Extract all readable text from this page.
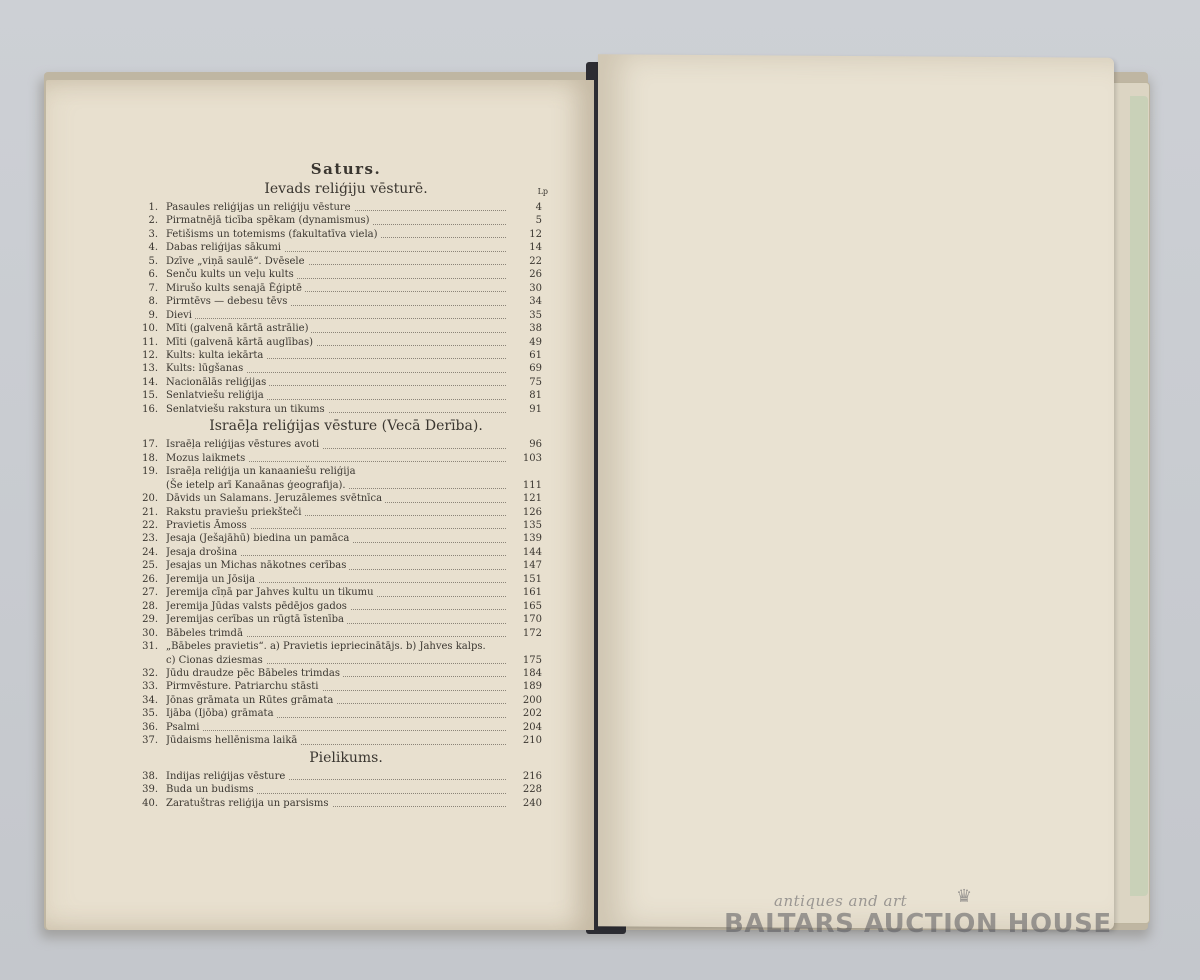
Saturs.
Ievads reliģiju vēsturē.	Lp
1. Pasaules reliģijas un reliģiju vēsture	4
2. Pirmatnējā ticība spēkam (dynamismus)	5
3. Fetišisms un totemisms (fakultatīva viela)	12
4. Dabas reliģijas sākumi	14
5. Dzīve „viņā saulē“. Dvēsele	22
6. Senču kults un veļu kults	26
7. Mirušo kults senajā Ēģiptē	30
8. Pirmtēvs — debesu tēvs	34
9. Dievi	35
10. Mīti (galvenā kārtā astrālie)	38
11. Mīti (galvenā kārtā auglības)	49
12. Kults: kulta iekārta	61
13. Kults: lūgšanas	69
14. Nacionālās reliģijas	75
15. Senlatviešu reliģija	81
16. Senlatviešu rakstura un tikums	91
Israēļa reliģijas vēsture (Vecā Derība).
17. Israēļa reliģijas vēstures avoti	96
18. Mozus laikmets	103
19. Israēļa reliģija un kanaaniešu reliģija
(Še ietelp arī Kanaānas ģeografija).	111
20. Dāvids un Salamans. Jeruzālemes svētnīca	121
21. Rakstu praviešu priekšteči	126
22. Pravietis Āmoss	135
23. Jesaja (Ješajāhū) biedina un pamāca	139
24. Jesaja drošina	144
25. Jesajas un Michas nākotnes cerības	147
26. Jeremija un Jōsija	151
27. Jeremija cīņā par Jahves kultu un tikumu	161
28. Jeremija Jūdas valsts pēdējos gados	165
29. Jeremijas cerības un rūgtā īstenība	170
30. Bābeles trimdā	172
31. „Bābeles pravietis“. a) Pravietis iepriecinātājs. b) Jahves kalps.
c) Cionas dziesmas	175
32. Jūdu draudze pēc Bābeles trimdas	184
33. Pirmvēsture. Patriarchu stāsti	189
34. Jōnas grāmata un Rūtes grāmata	200
35. Ijāba (Ijōba) grāmata	202
36. Psalmi	204
37. Jūdaisms hellēnisma laikā	210
Pielikums.
38. Indijas reliģijas vēsture	216
39. Buda un budisms	228
40. Zaratuštras reliģija un parsisms	240
antiques and art	♛
BALTARS AUCTION HOUSE
